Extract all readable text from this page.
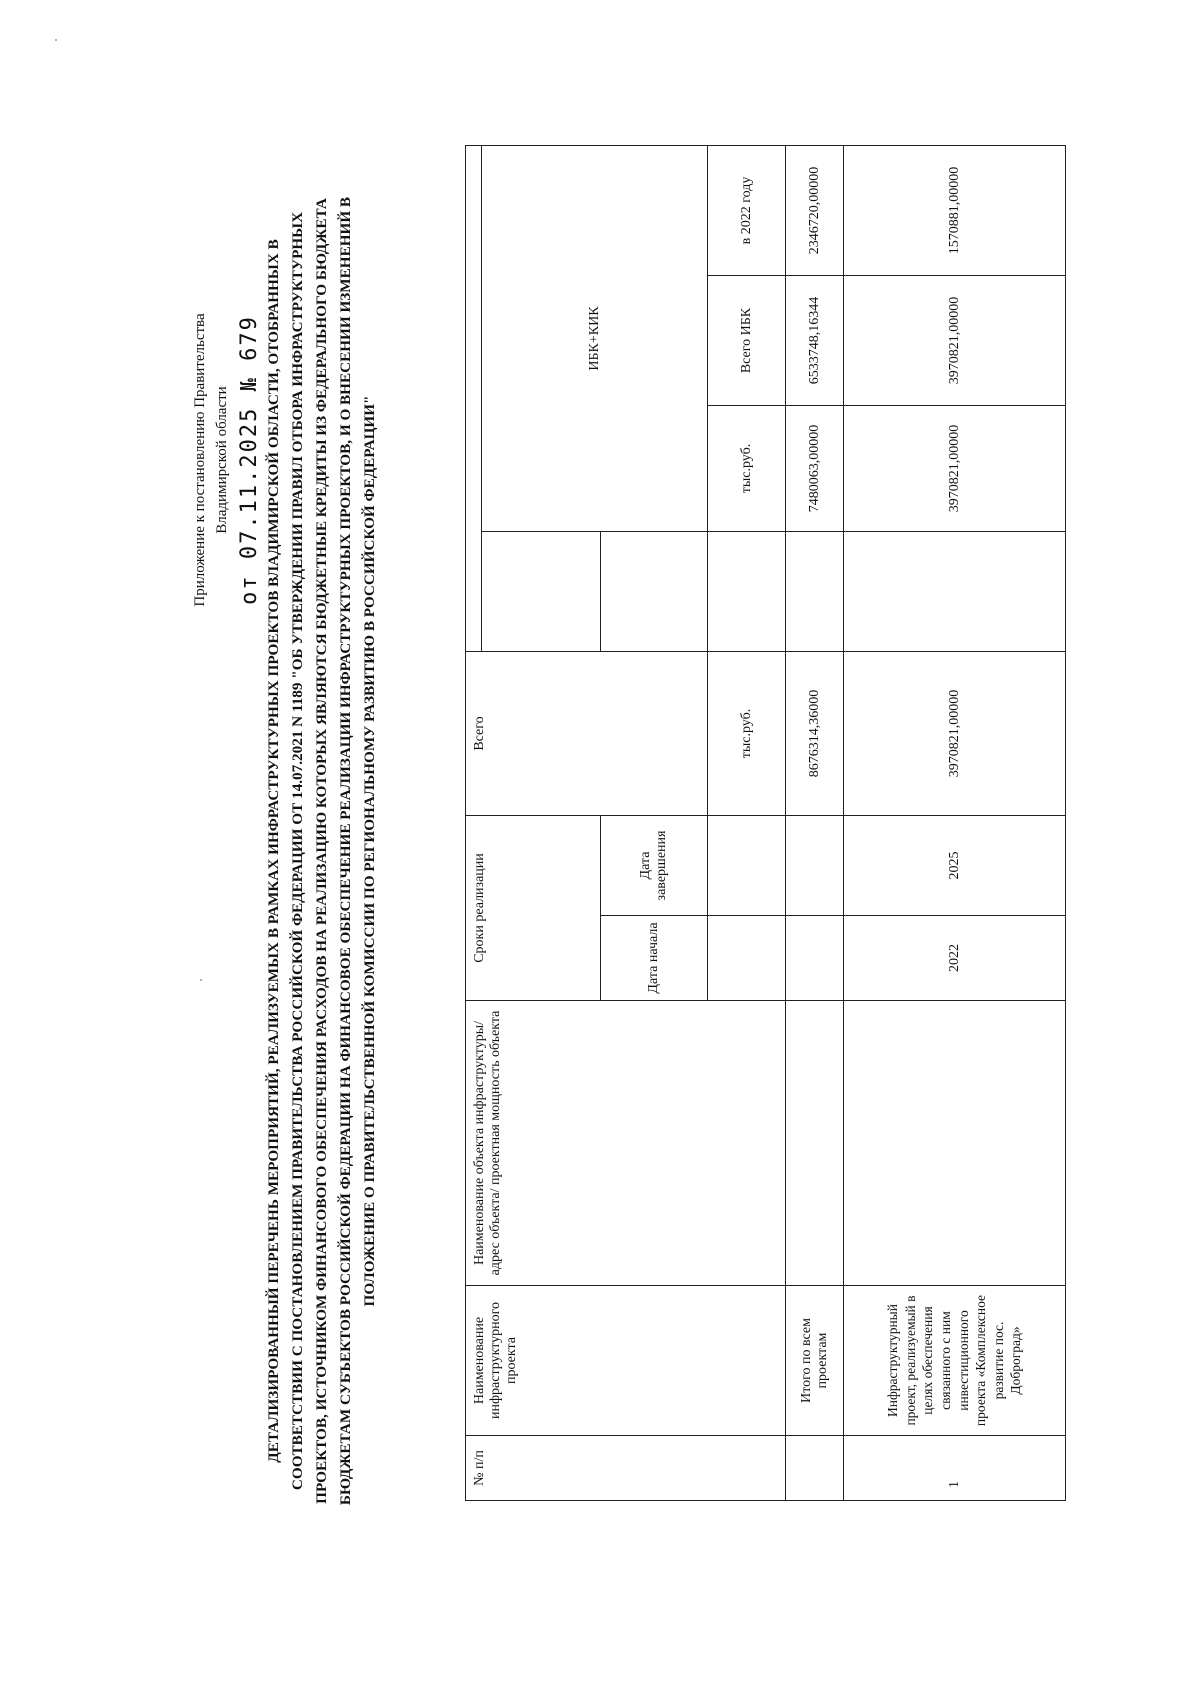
Приложение к постановлению Правительства Владимирской области от 07.11.2025 № 679 ДЕТАЛИЗИРОВАННЫЙ ПЕРЕЧЕНЬ МЕРОПРИЯТИЙ, РЕАЛИЗУЕМЫХ В РАМКАХ ИНФРАСТРУКТУРНЫХ ПРОЕКТОВ ВЛАДИМИРСКОЙ ОБЛАСТИ, ОТОБРАННЫХ В СООТВЕТСТВИИ С ПОСТАНОВЛЕНИЕМ ПРАВИТЕЛЬСТВА РОССИЙСКОЙ ФЕДЕРАЦИИ ОТ 14.07.2021 N 1189 "ОБ УТВЕРЖДЕНИИ ПРАВИЛ ОТБОРА ИНФРАСТРУКТУРНЫХ ПРОЕКТОВ, ИСТОЧНИКОМ ФИНАНСОВОГО ОБЕСПЕЧЕНИЯ РАСХОДОВ НА РЕАЛИЗАЦИЮ КОТОРЫХ ЯВЛЯЮТСЯ БЮДЖЕТНЫЕ КРЕДИТЫ ИЗ ФЕДЕРАЛЬНОГО БЮДЖЕТА БЮДЖЕТАМ СУБЪЕКТОВ РОССИЙСКОЙ ФЕДЕРАЦИИ НА ФИНАНСОВОЕ ОБЕСПЕЧЕНИЕ РЕАЛИЗАЦИИ ИНФРАСТРУКТУРНЫХ ПРОЕКТОВ, И О ВНЕСЕНИИ ИЗМЕНЕНИЙ В ПОЛОЖЕНИЕ О ПРАВИТЕЛЬСТВЕННОЙ КОМИССИИ ПО РЕГИОНАЛЬНОМУ РАЗВИТИЮ В РОССИЙСКОЙ ФЕДЕРАЦИИ"
№ п/п	Наименование инфраструктурного проекта	Наименование объекта инфраструктуры/ адрес объекта/ проектная мощность объекта	Сроки реализации		Всего				
							ИБК+КИК		
			Дата начала	Дата завершения					
					тыс.руб.		тыс.руб.	Всего ИБК	в 2022 году
	Итого по всем проектам				8676314,36000		7480063,00000	6533748,16344	2346720,00000
1	Инфраструктурный проект, реализуемый в целях обеспечения связанного с ним инвестиционного проекта «Комплексное развитие пос. Доброград»		2022	2025	3970821,00000		3970821,00000	3970821,00000	1570881,00000
